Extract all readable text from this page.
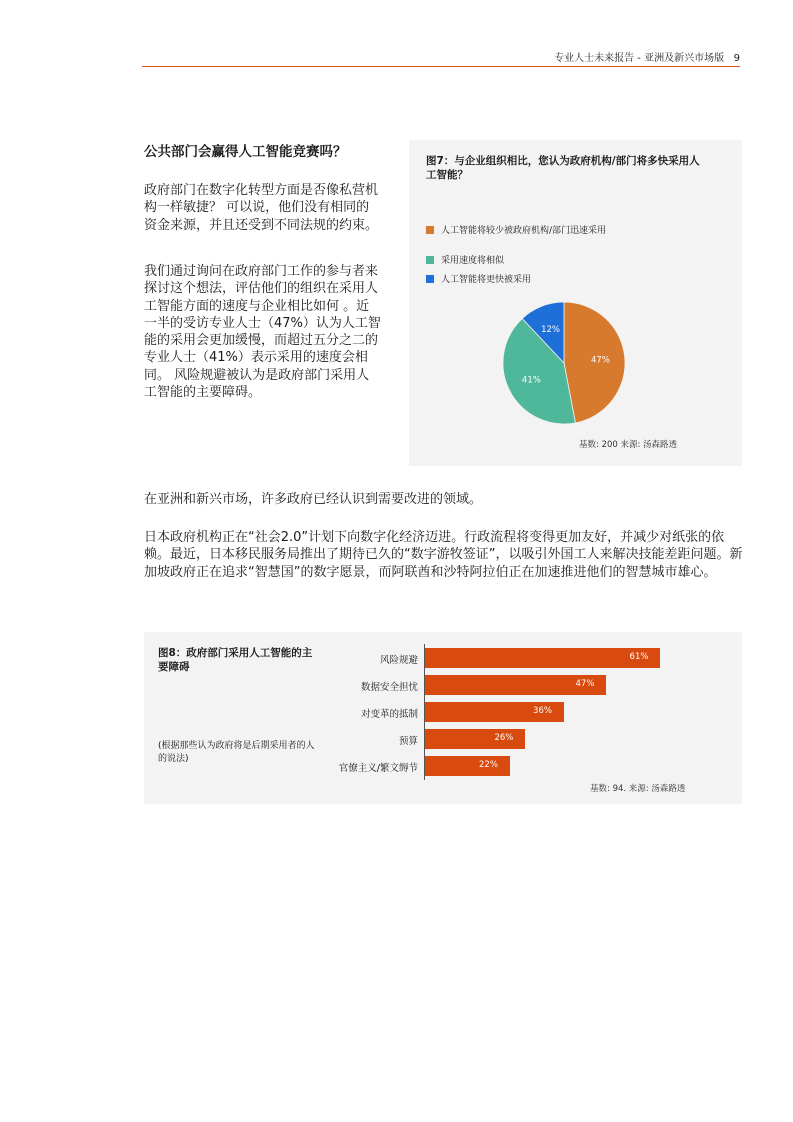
专业人士未来报告 - 亚洲及新兴市场版 9
公共部门会赢得人工智能竞赛吗？

政府部门在数字化转型方面是否像私营机构一样敏捷？ 可以说，他们没有相同的资金来源，并且还受到不同法规的约束。

我们通过询问在政府部门工作的参与者来探讨这个想法，评估他们的组织在采用人工智能方面的速度与企业相比如何 。近一半的受访专业人士（47%）认为人工智能的采用会更加缓慢，而超过五分之二的专业人士（41%）表示采用的速度会相同。 风险规避被认为是政府部门采用人工智能的主要障碍。

在亚洲和新兴市场，许多政府已经认识到需要改进的领域。

日本政府机构正在“社会2.0”计划下向数字化经济迈进。行政流程将变得更加友好，并减少对纸张的依赖。最近，日本移民服务局推出了期待已久的“数字游牧签证”，以吸引外国工人来解决技能差距问题。新加坡政府正在追求“智慧国”的数字愿景，而阿联酋和沙特阿拉伯正在加速推进他们的智慧城市雄心。

图7：与企业组织相比，您认为政府机构/部门将多快采用人工智能？
人工智能将较少被政府机构/部门迅速采用
采用速度将相似
人工智能将更快被采用
47%
41%
12%
基数: 200 来源: 汤森路透
图8：政府部门采用人工智能的主要障碍
(根据那些认为政府将是后期采用者的人的说法)
基数: 94. 来源: 汤森路透
风险规避	61%
数据安全担忧	47%
对变革的抵制	36%
预算	26%
官僚主义/繁文缛节	22%
